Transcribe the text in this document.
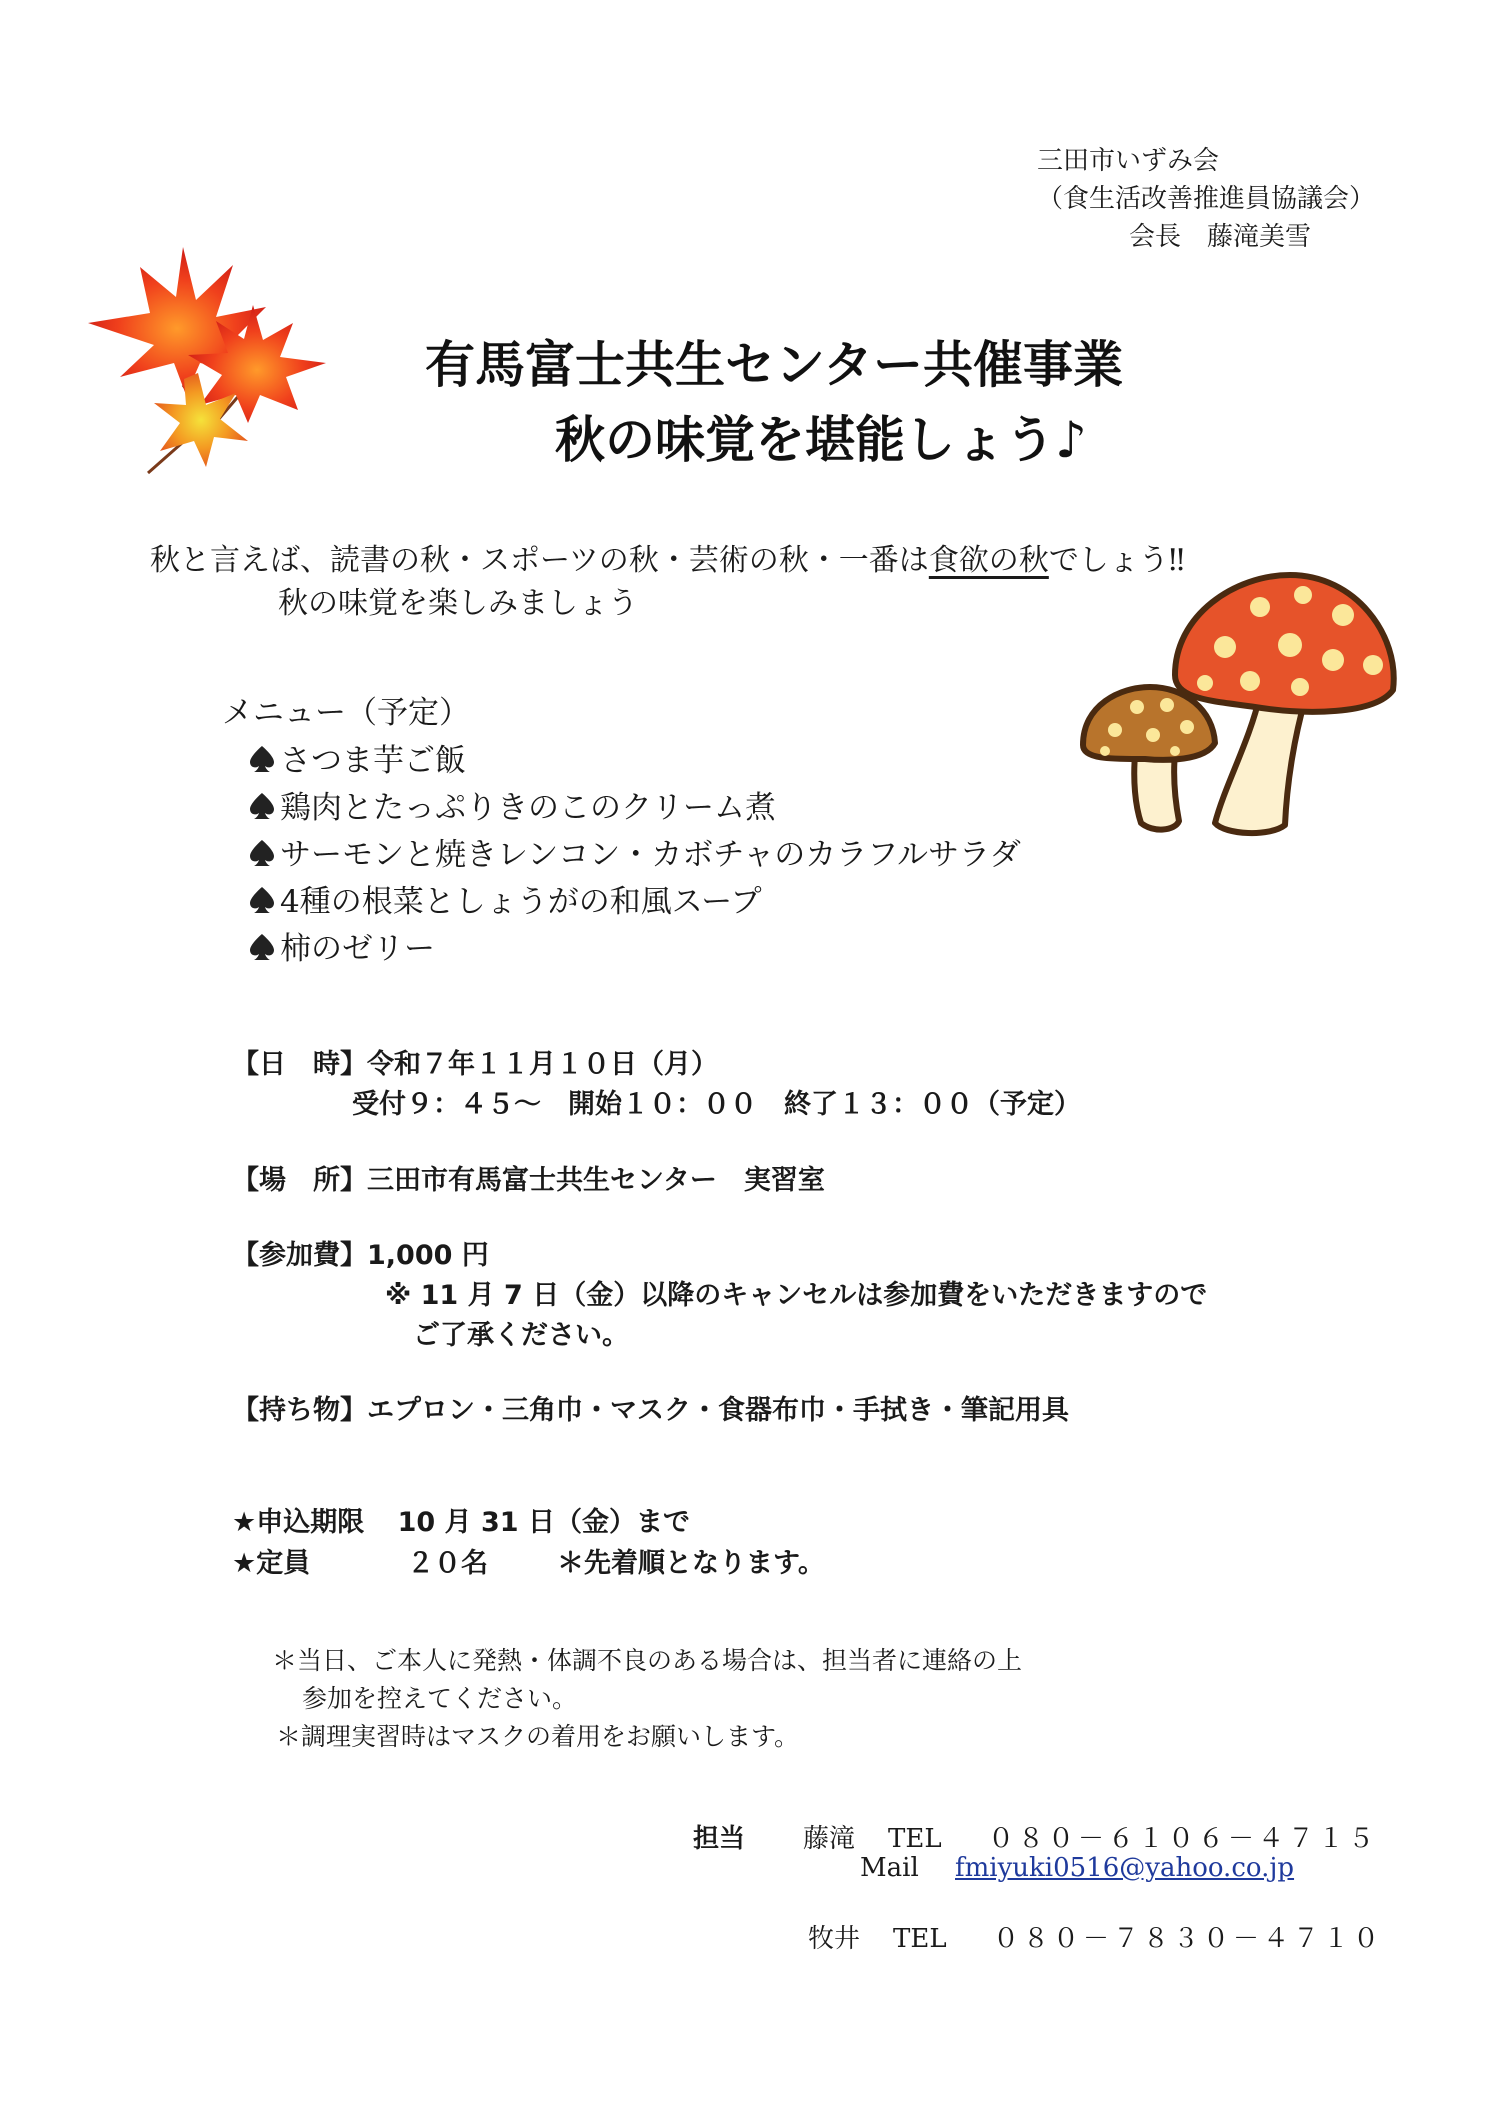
三田市いずみ会
（食生活改善推進員協議会）
会長　藤滝美雪
有馬富士共生センター共催事業
秋の味覚を堪能しょう♪
秋と言えば、読書の秋・スポーツの秋・芸術の秋・一番は食欲の秋でしょう‼
秋の味覚を楽しみましょう
メニュー（予定）
さつま芋ご飯
鶏肉とたっぷりきのこのクリーム煮
サーモンと焼きレンコン・カボチャのカラフルサラダ
4種の根菜としょうがの和風スープ
柿のゼリー
【日　時】令和７年１１月１０日（月）
受付９：４５～　開始１０：００　終了１３：００（予定）
【場　所】三田市有馬富士共生センター　実習室
【参加費】1,000 円
※ 11 月 7 日（金）以降のキャンセルは参加費をいただきますので
ご了承ください。
【持ち物】エプロン・三角巾・マスク・食器布巾・手拭き・筆記用具
★申込期限 10 月 31 日（金）まで
★定員	２０名	＊先着順となります。
＊当日、ご本人に発熱・体調不良のある場合は、担当者に連絡の上
参加を控えてください。
＊調理実習時はマスクの着用をお願いします。
担当 藤滝 TEL ０８０－６１０６－４７１５
Mail fmiyuki0516@yahoo.co.jp
牧井 TEL ０８０－７８３０－４７１０
